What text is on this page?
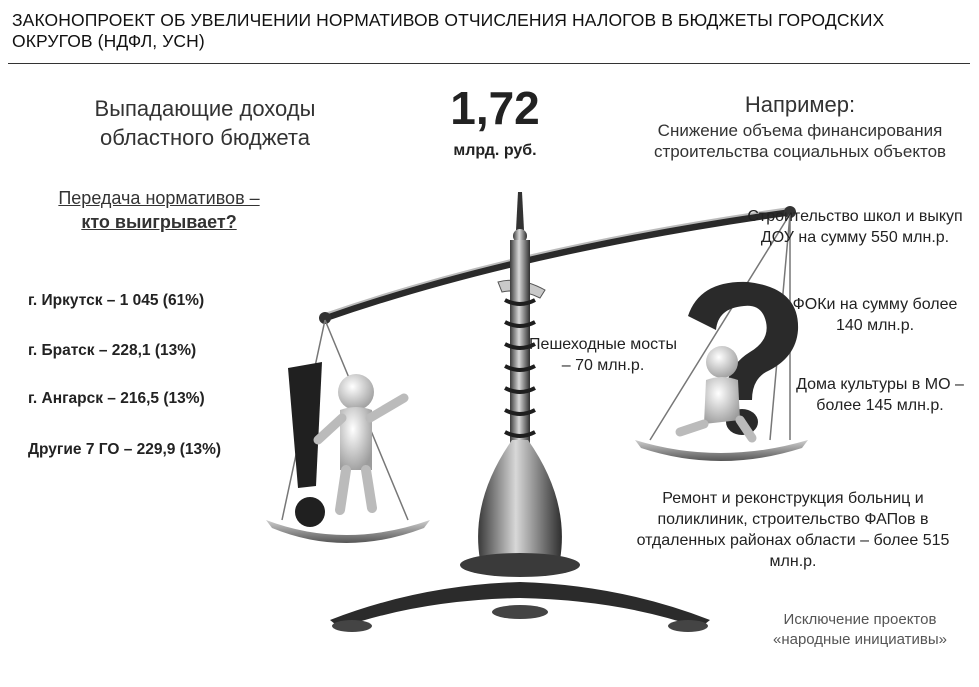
ЗАКОНОПРОЕКТ ОБ УВЕЛИЧЕНИИ НОРМАТИВОВ ОТЧИСЛЕНИЯ НАЛОГОВ В БЮДЖЕТЫ ГОРОДСКИХ ОКРУГОВ (НДФЛ, УСН)
Выпадающие доходы областного бюджета
1,72
млрд. руб.
Например:
Снижение объема финансирования строительства социальных объектов
Передача нормативов –
кто выигрывает?
г. Иркутск – 1 045 (61%)
г. Братск – 228,1 (13%)
г. Ангарск – 216,5 (13%)
Другие 7 ГО – 229,9 (13%)
Строительство школ и выкуп ДОУ на сумму 550 млн.р.
ФОКи на сумму более 140 млн.р.
Дома культуры в МО – более 145 млн.р.
Пешеходные мосты – 70 млн.р.
Ремонт и реконструкция больниц и поликлиник, строительство ФАПов в отдаленных районах области – более 515 млн.р.
Исключение проектов «народные инициативы»
